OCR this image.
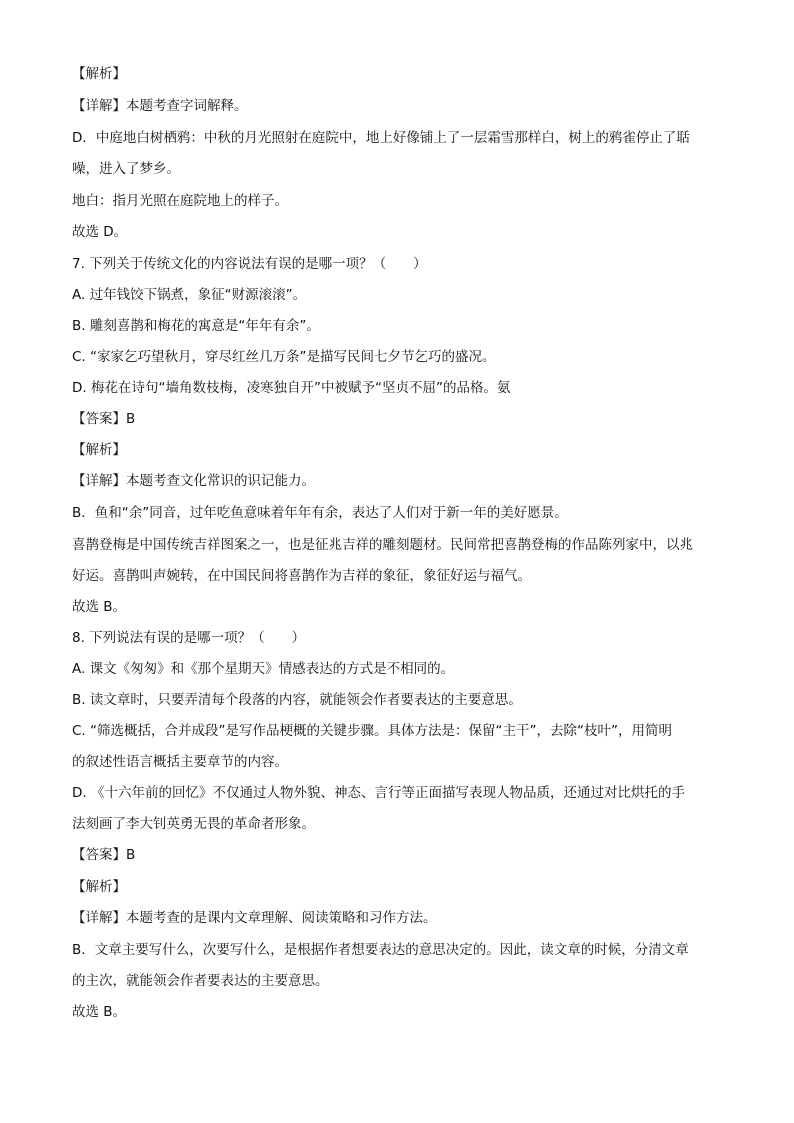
【解析】
【详解】本题考查字词解释。
D．中庭地白树栖鸦：中秋的月光照射在庭院中，地上好像铺上了一层霜雪那样白，树上的鸦雀停止了聒
噪，进入了梦乡。
地白：指月光照在庭院地上的样子。
故选 D。
7. 下列关于传统文化的内容说法有误的是哪一项？（　　）
A. 过年钱饺下锅煮，象征“财源滚滚”。
B. 雕刻喜鹊和梅花的寓意是“年年有余”。
C. “家家乞巧望秋月，穿尽红丝几万条”是描写民间七夕节乞巧的盛况。
D. 梅花在诗句“墙角数枝梅，凌寒独自开”中被赋予“坚贞不屈”的品格。氨
【答案】B
【解析】
【详解】本题考查文化常识的识记能力。
B．鱼和“余”同音，过年吃鱼意味着年年有余，表达了人们对于新一年的美好愿景。
喜鹊登梅是中国传统吉祥图案之一，也是征兆吉祥的雕刻题材。民间常把喜鹊登梅的作品陈列家中，以兆
好运。喜鹊叫声婉转，在中国民间将喜鹊作为吉祥的象征，象征好运与福气。
故选 B。
8. 下列说法有误的是哪一项？（　　）
A. 课文《匆匆》和《那个星期天》情感表达的方式是不相同的。
B. 读文章时，只要弄清每个段落的内容，就能领会作者要表达的主要意思。
C. “筛选概括，合并成段”是写作品梗概的关键步骤。具体方法是：保留“主干”，去除“枝叶”，用简明
的叙述性语言概括主要章节的内容。
D. 《十六年前的回忆》不仅通过人物外貌、神态、言行等正面描写表现人物品质，还通过对比烘托的手
法刻画了李大钊英勇无畏的革命者形象。
【答案】B
【解析】
【详解】本题考查的是课内文章理解、阅读策略和习作方法。
B．文章主要写什么，次要写什么，是根据作者想要表达的意思决定的。因此，读文章的时候，分清文章
的主次，就能领会作者要表达的主要意思。
故选 B。
